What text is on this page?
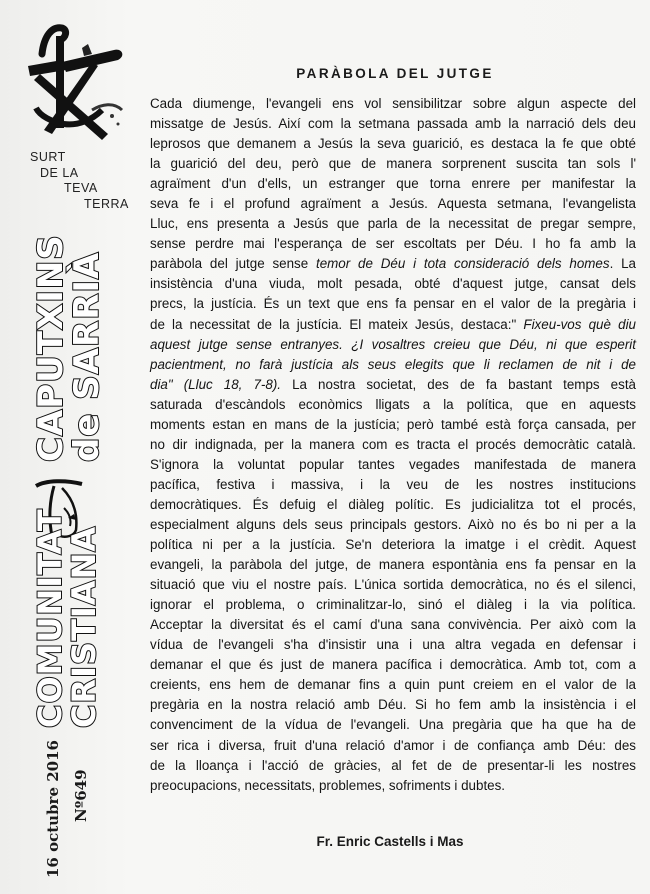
SURT
DE LA
TEVA
TERRA
CAPUTXINS
de SARRIÀ
COMUNITAT
CRISTIANA
16 octubre 2016 Nº649
PARÀBOLA DEL JUTGE
Cada diumenge, l'evangeli ens vol sensibilitzar sobre algun aspecte del
missatge de Jesús. Així com la setmana passada amb la narració dels deu
leprosos que demanem a Jesús la seva guarició, es destaca la fe que obté
la guarició del deu, però que de manera sorprenent suscita tan sols l'
agraïment d'un d'ells, un estranger que torna enrere per manifestar la
seva fe i el profund agraïment a Jesús. Aquesta setmana, l'evangelista
Lluc, ens presenta a Jesús que parla de la necessitat de pregar sempre,
sense perdre mai l'esperança de ser escoltats per Déu. I ho fa amb la
paràbola del jutge sense temor de Déu i tota consideració dels homes. La
insistència d'una viuda, molt pesada, obté d'aquest jutge, cansat dels
precs, la justícia. És un text que ens fa pensar en el valor de la pregària i
de la necessitat de la justícia. El mateix Jesús, destaca:" Fixeu-vos què diu
aquest jutge sense entranyes. ¿I vosaltres creieu que Déu, ni que esperit
pacientment, no farà justícia als seus elegits que li reclamen de nit i de
dia" (Lluc 18, 7-8). La nostra societat, des de fa bastant temps està
saturada d'escàndols econòmics lligats a la política, que en aquests
moments estan en mans de la justícia; però també està força cansada, per
no dir indignada, per la manera com es tracta el procés democràtic català.
S'ignora la voluntat popular tantes vegades manifestada de manera
pacífica, festiva i massiva, i la veu de les nostres institucions
democràtiques. És defuig el diàleg polític. Es judicialitza tot el procés,
especialment alguns dels seus principals gestors. Això no és bo ni per a la
política ni per a la justícia. Se'n deteriora la imatge i el crèdit. Aquest
evangeli, la paràbola del jutge, de manera espontània ens fa pensar en la
situació que viu el nostre país. L'única sortida democràtica, no és el silenci,
ignorar el problema, o criminalitzar-lo, sinó el diàleg i la via política.
Acceptar la diversitat és el camí d'una sana convivència. Per això com la
vídua de l'evangeli s'ha d'insistir una i una altra vegada en defensar i
demanar el que és just de manera pacífica i democràtica. Amb tot, com a
creients, ens hem de demanar fins a quin punt creiem en el valor de la
pregària en la nostra relació amb Déu. Si ho fem amb la insistència i el
convenciment de la vídua de l'evangeli. Una pregària que ha que ha de
ser rica i diversa, fruit d'una relació d'amor i de confiança amb Déu: des
de la lloança i l'acció de gràcies, al fet de de presentar-li les nostres
preocupacions, necessitats, problemes, sofriments i dubtes.
Fr. Enric Castells i Mas
